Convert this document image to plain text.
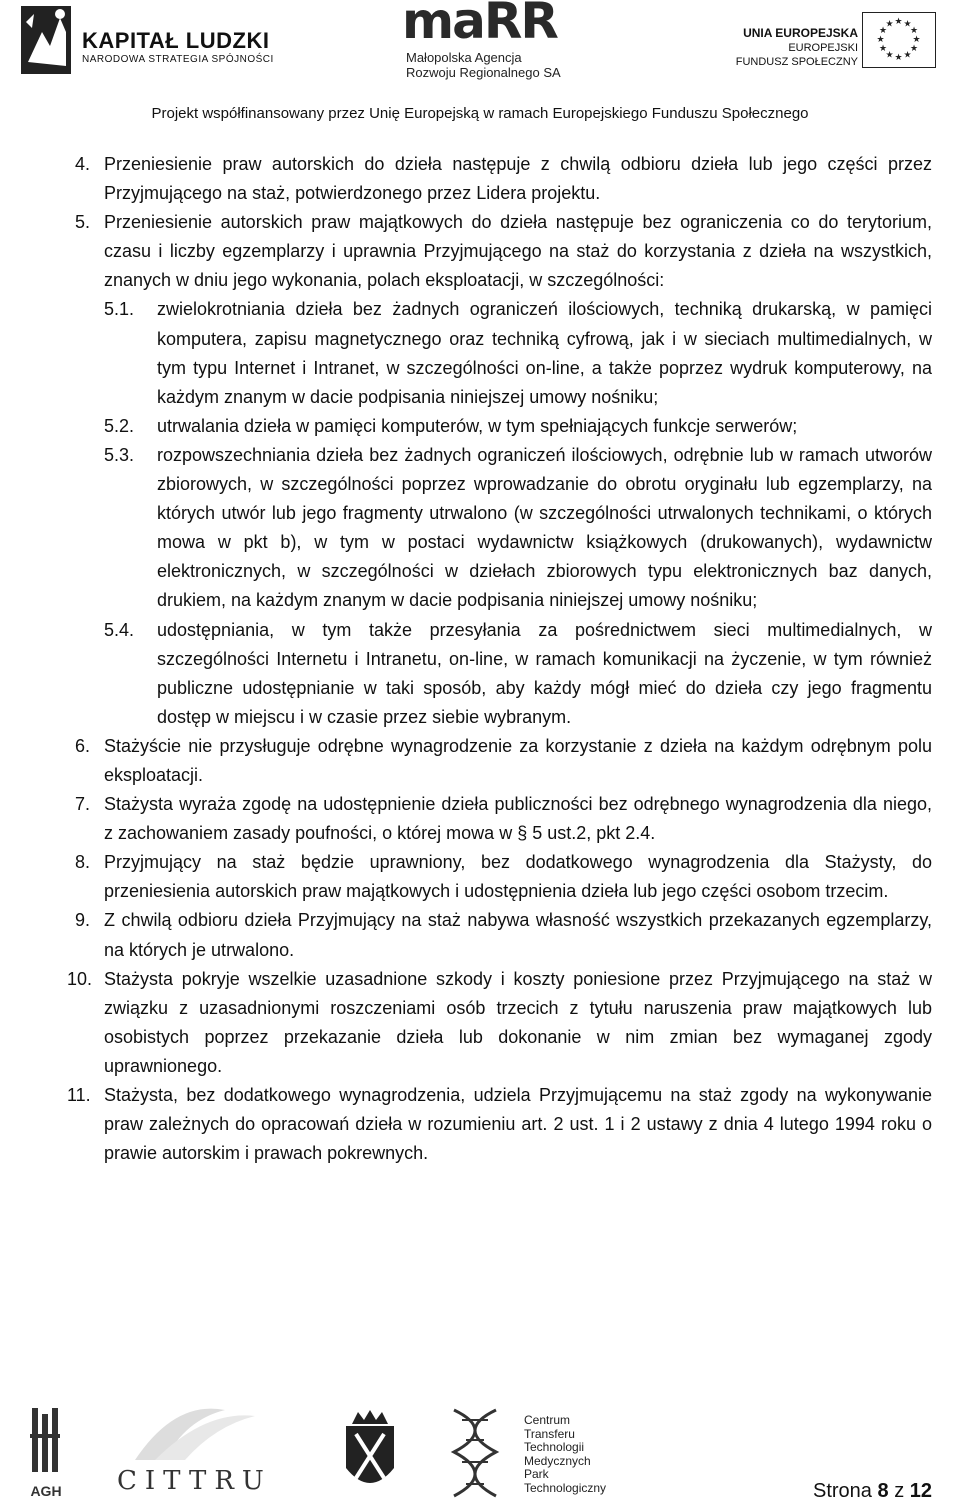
KAPITAŁ LUDZKI
NARODOWA STRATEGIA SPÓJNOŚCI
maRR
Małopolska Agencja
Rozwoju Regionalnego SA
UNIA EUROPEJSKA
EUROPEJSKI
FUNDUSZ SPOŁECZNY
★ ★
★
★
★
★
★
★
★
★
★
★
Projekt współfinansowany przez Unię Europejską w ramach Europejskiego Funduszu Społecznego
4. Przeniesienie praw autorskich do dzieła następuje z chwilą odbioru dzieła lub jego części przez Przyjmującego na staż, potwierdzonego przez Lidera projektu.
5. Przeniesienie autorskich praw majątkowych do dzieła następuje bez ograniczenia co do terytorium, czasu i liczby egzemplarzy i uprawnia Przyjmującego na staż do korzystania z dzieła na wszystkich, znanych w dniu jego wykonania, polach eksploatacji, w szczególności:
5.1. zwielokrotniania dzieła bez żadnych ograniczeń ilościowych, techniką drukarską, w pamięci komputera, zapisu magnetycznego oraz techniką cyfrową, jak i w sieciach multimedialnych, w tym typu Internet i Intranet, w szczególności on-line, a także poprzez wydruk komputerowy, na każdym znanym w dacie podpisania niniejszej umowy nośniku;
5.2. utrwalania dzieła w pamięci komputerów, w tym spełniających funkcje serwerów;
5.3. rozpowszechniania dzieła bez żadnych ograniczeń ilościowych, odrębnie lub w ramach utworów zbiorowych, w szczególności poprzez wprowadzanie do obrotu oryginału lub egzemplarzy, na których utwór lub jego fragmenty utrwalono (w szczególności utrwalonych technikami, o których mowa w pkt b), w tym w postaci wydawnictw książkowych (drukowanych), wydawnictw elektronicznych, w szczególności w dziełach zbiorowych typu elektronicznych baz danych, drukiem, na każdym znanym w dacie podpisania niniejszej umowy nośniku;
5.4. udostępniania, w tym także przesyłania za pośrednictwem sieci multimedialnych, w szczególności Internetu i Intranetu, on-line, w ramach komunikacji na życzenie, w tym również publiczne udostępnianie w taki sposób, aby każdy mógł mieć do dzieła czy jego fragmentu dostęp w miejscu i w czasie przez siebie wybranym.
6. Stażyście nie przysługuje odrębne wynagrodzenie za korzystanie z dzieła na każdym odrębnym polu eksploatacji.
7. Stażysta wyraża zgodę na udostępnienie dzieła publiczności bez odrębnego wynagrodzenia dla niego, z zachowaniem zasady poufności, o której mowa w § 5 ust.2, pkt 2.4.
8. Przyjmujący na staż będzie uprawniony, bez dodatkowego wynagrodzenia dla Stażysty, do przeniesienia autorskich praw majątkowych i udostępnienia dzieła lub jego części osobom trzecim.
9. Z chwilą odbioru dzieła Przyjmujący na staż nabywa własność wszystkich przekazanych egzemplarzy, na których je utrwalono.
10. Stażysta pokryje wszelkie uzasadnione szkody i koszty poniesione przez Przyjmującego na staż w związku z uzasadnionymi roszczeniami osób trzecich z tytułu naruszenia praw majątkowych lub osobistych poprzez przekazanie dzieła lub dokonanie w nim zmian bez wymaganej zgody uprawnionego.
11. Stażysta, bez dodatkowego wynagrodzenia, udziela Przyjmującemu na staż zgody na wykonywanie praw zależnych do opracowań dzieła w rozumieniu art. 2 ust. 1 i 2 ustawy z dnia 4 lutego 1994 roku o prawie autorskim i prawach pokrewnych.
AGH CITTRU
Centrum
Transferu
Technologii
Medycznych
Park
Technologiczny	Strona 8 z 12
